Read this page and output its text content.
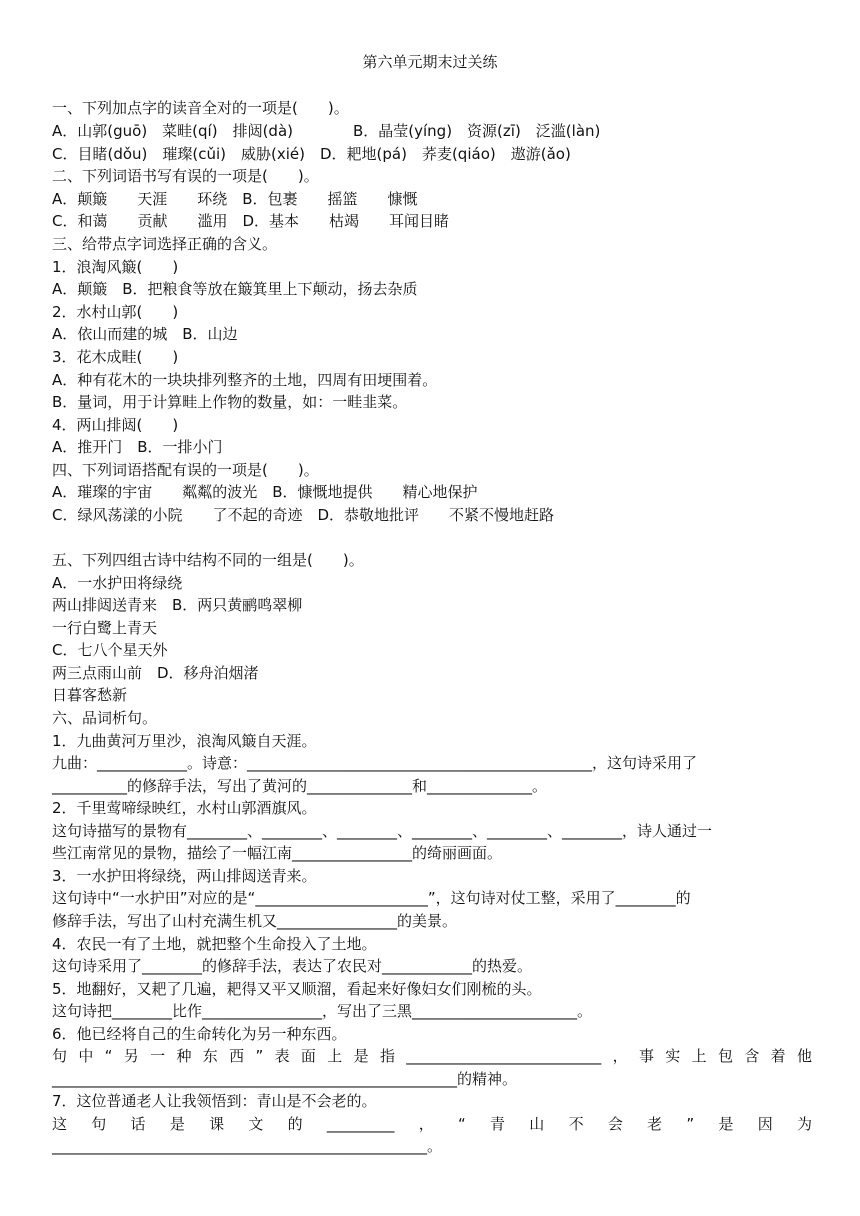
第六单元期末过关练
一、下列加点字的读音全对的一项是(　　)。
A．山郭(guō)　菜畦(qí)　排闼(dà)　　　　B．晶莹(yíng)　资源(zī)　泛滥(làn)
C．目睹(dǒu)　璀璨(cǔi)　威胁(xié)　D．耙地(pá)　荞麦(qiáo)　遨游(ǎo)
二、下列词语书写有误的一项是(　　)。
A．颠簸　　天涯　　环绕　B．包裹　　摇篮　　慷慨
C．和蔼　　贡献　　滥用　D．基本　　枯竭　　耳闻目睹
三、给带点字词选择正确的含义。
1．浪淘风簸(　　)
A．颠簸　B．把粮食等放在簸箕里上下颠动，扬去杂质
2．水村山郭(　　)
A．依山而建的城　B．山边
3．花木成畦(　　)
A．种有花木的一块块排列整齐的土地，四周有田埂围着。
B．量词，用于计算畦上作物的数量，如：一畦韭菜。
4．两山排闼(　　)
A．推开门　B．一排小门
四、下列词语搭配有误的一项是(　　)。
A．璀璨的宇宙　　粼粼的波光　B．慷慨地提供　　精心地保护
C．绿风荡漾的小院　　了不起的奇迹　D．恭敬地批评　　不紧不慢地赶路
五、下列四组古诗中结构不同的一组是(　　)。
A．一水护田将绿绕
两山排闼送青来　B．两只黄鹂鸣翠柳
一行白鹭上青天
C．七八个星天外
两三点雨山前　D．移舟泊烟渚
日暮客愁新
六、品词析句。
1．九曲黄河万里沙，浪淘风簸自天涯。
九曲：____________。诗意：______________________________________________，这句诗采用了
__________的修辞手法，写出了黄河的______________和______________。
2．千里莺啼绿映红，水村山郭酒旗风。
这句诗描写的景物有________、________、________、________、________、________，诗人通过一
些江南常见的景物，描绘了一幅江南________________的绮丽画面。
3．一水护田将绿绕，两山排闼送青来。
这句诗中“一水护田”对应的是“_______________________”，这句诗对仗工整，采用了________的
修辞手法，写出了山村充满生机又________________的美景。
4．农民一有了土地，就把整个生命投入了土地。
这句诗采用了________的修辞手法，表达了农民对____________的热爱。
5．地翻好，又耙了几遍，耙得又平又顺溜，看起来好像妇女们刚梳的头。
这句诗把________比作________________，写出了三黑______________________。
6．他已经将自己的生命转化为另一种东西。
句中“另一种东西”表面上是指__________________________，事实上包含着他
______________________________________________________的精神。
7．这位普通老人让我领悟到：青山是不会老的。
这句话是课文的_________，“青山不会老”是因为
__________________________________________________。
